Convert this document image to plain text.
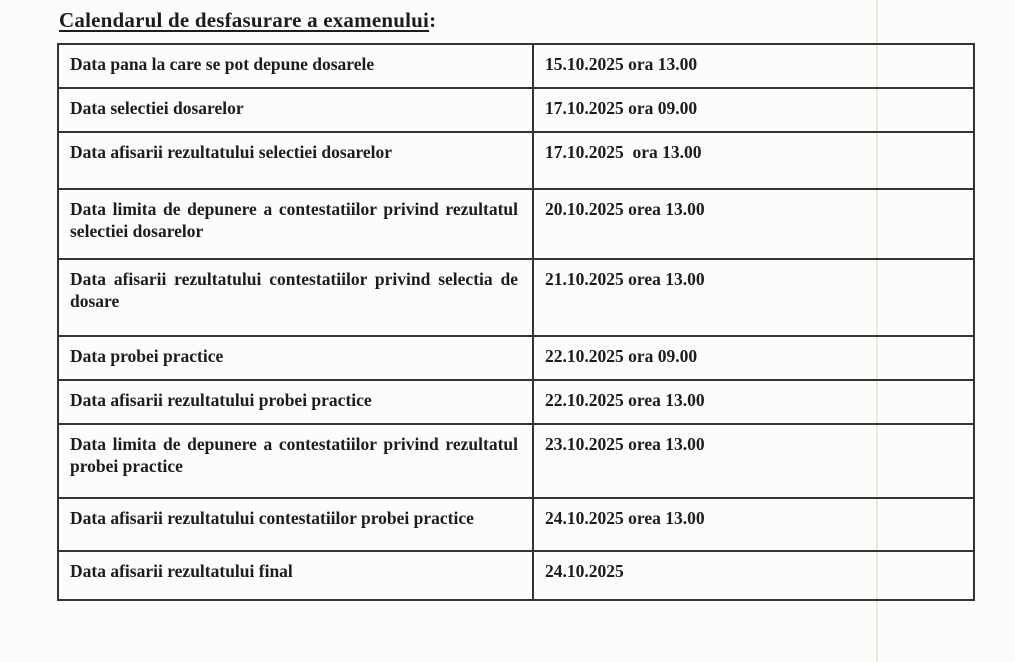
Calendarul de desfasurare a examenului:
Data pana la care se pot depune dosarele	15.10.2025 ora 13.00
Data selectiei dosarelor	17.10.2025 ora 09.00
Data afisarii rezultatului selectiei dosarelor	17.10.2025  ora 13.00
Data limita de depunere a contestatiilor privind rezultatul selectiei dosarelor	20.10.2025 orea 13.00
Data afisarii rezultatului contestatiilor privind selectia de dosare	21.10.2025 orea 13.00
Data probei practice	22.10.2025 ora 09.00
Data afisarii rezultatului probei practice	22.10.2025 orea 13.00
Data limita de depunere a contestatiilor privind rezultatul probei practice	23.10.2025 orea 13.00
Data afisarii rezultatului contestatiilor probei practice	24.10.2025 orea 13.00
Data afisarii rezultatului final	24.10.2025
